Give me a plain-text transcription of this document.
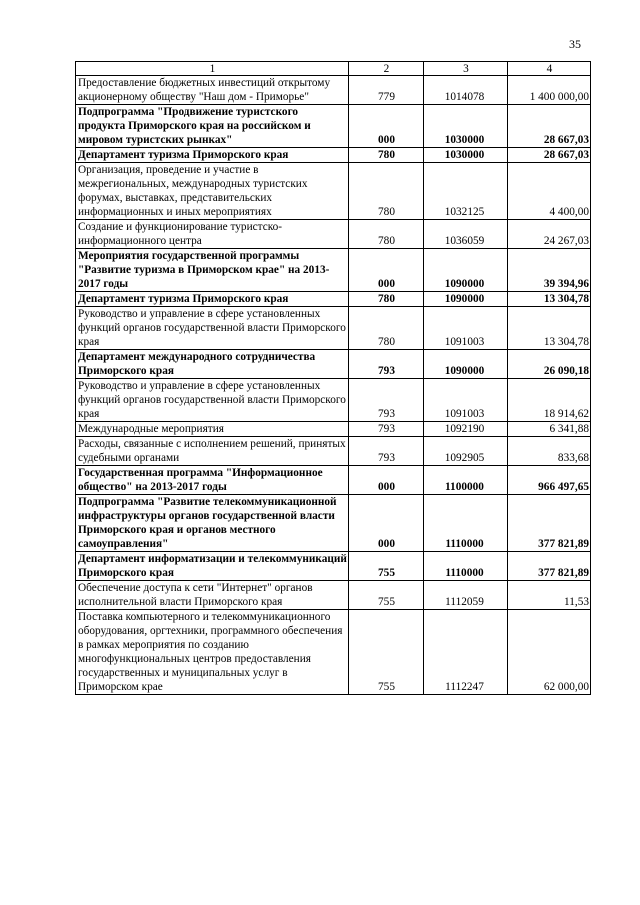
35
1	2	3	4
Предоставление бюджетных инвестиций открытому акционерному обществу "Наш дом - Приморье"	779	1014078	1 400 000,00
Подпрограмма "Продвижение туристского продукта Приморского края на российском и мировом туристских рынках"	000	1030000	28 667,03
Департамент туризма Приморского края	780	1030000	28 667,03
Организация, проведение и участие в межрегиональных, международных туристских форумах, выставках, представительских информационных и иных мероприятиях	780	1032125	4 400,00
Создание и функционирование туристско-информационного центра	780	1036059	24 267,03
Мероприятия государственной программы "Развитие туризма в Приморском крае" на 2013-2017 годы	000	1090000	39 394,96
Департамент туризма Приморского края	780	1090000	13 304,78
Руководство и управление в сфере установленных функций органов государственной власти Приморского края	780	1091003	13 304,78
Департамент международного сотрудничества Приморского края	793	1090000	26 090,18
Руководство и управление в сфере установленных функций органов государственной власти Приморского края	793	1091003	18 914,62
Международные мероприятия	793	1092190	6 341,88
Расходы, связанные с исполнением решений, принятых судебными органами	793	1092905	833,68
Государственная программа "Информационное общество" на 2013-2017 годы	000	1100000	966 497,65
Подпрограмма "Развитие телекоммуникационной инфраструктуры органов государственной власти Приморского края и органов местного самоуправления"	000	1110000	377 821,89
Департамент информатизации и телекоммуникаций Приморского края	755	1110000	377 821,89
Обеспечение доступа к сети "Интернет" органов исполнительной власти Приморского края	755	1112059	11,53
Поставка компьютерного и телекоммуникационного оборудования, оргтехники, программного обеспечения в рамках мероприятия по созданию многофункциональных центров предоставления государственных и муниципальных услуг в Приморском крае	755	1112247	62 000,00
